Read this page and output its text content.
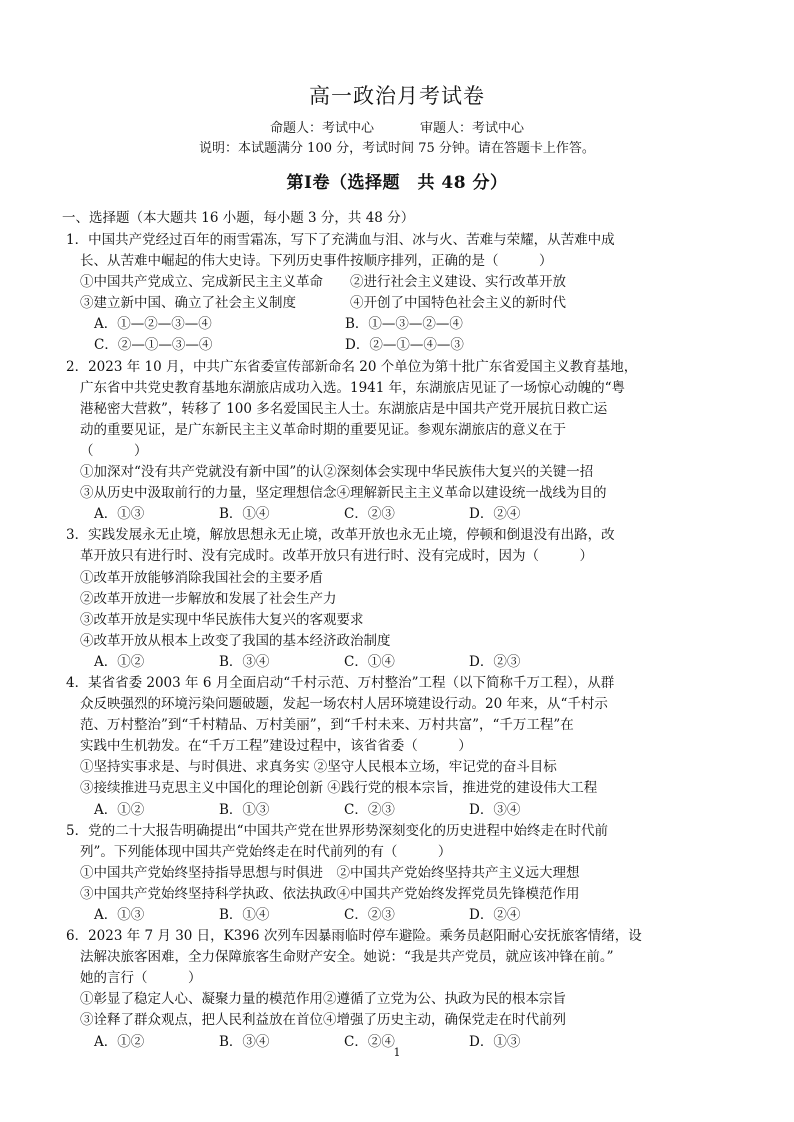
高一政治月考试卷
命题人：考试中心	审题人：考试中心
说明：本试题满分 100 分，考试时间 75 分钟。请在答题卡上作答。
第Ⅰ卷（选择题　共 48 分）
一、选择题（本大题共 16 小题，每小题 3 分，共 48 分）
1．中国共产党经过百年的雨雪霜冻，写下了充满血与泪、冰与火、苦难与荣耀，从苦难中成
长、从苦难中崛起的伟大史诗。下列历史事件按顺序排列，正确的是（　　　）
①中国共产党成立、完成新民主主义革命　　②进行社会主义建设、实行改革开放
③建立新中国、确立了社会主义制度　　　　④开创了中国特色社会主义的新时代
A．①—②—③—④	B．①—③—②—④
C．②—①—③—④	D．②—①—④—③
2．2023 年 10 月，中共广东省委宣传部新命名 20 个单位为第十批广东省爱国主义教育基地，
广东省中共党史教育基地东湖旅店成功入选。1941 年，东湖旅店见证了一场惊心动魄的“粤
港秘密大营救”，转移了 100 多名爱国民主人士。东湖旅店是中国共产党开展抗日救亡运
动的重要见证，是广东新民主主义革命时期的重要见证。参观东湖旅店的意义在于
（　　　）
①加深对“没有共产党就没有新中国”的认②深刻体会实现中华民族伟大复兴的关键一招
③从历史中汲取前行的力量，坚定理想信念④理解新民主主义革命以建设统一战线为目的
A．①③	B．①④	C．②③	D．②④
3．实践发展永无止境，解放思想永无止境，改革开放也永无止境，停顿和倒退没有出路，改
革开放只有进行时、没有完成时。改革开放只有进行时、没有完成时，因为（　　　）
①改革开放能够消除我国社会的主要矛盾
②改革开放进一步解放和发展了社会生产力
③改革开放是实现中华民族伟大复兴的客观要求
④改革开放从根本上改变了我国的基本经济政治制度
A．①②	B．③④	C．①④	D．②③
4．某省省委 2003 年 6 月全面启动“千村示范、万村整治”工程（以下简称千万工程），从群
众反映强烈的环境污染问题破题，发起一场农村人居环境建设行动。20 年来，从“千村示
范、万村整治”到“千村精品、万村美丽”，到“千村未来、万村共富”，“千万工程”在
实践中生机勃发。在“千万工程”建设过程中，该省省委（　　　）
①坚持实事求是、与时俱进、求真务实 ②坚守人民根本立场，牢记党的奋斗目标
③接续推进马克思主义中国化的理论创新 ④践行党的根本宗旨，推进党的建设伟大工程
A．①②	B．①③	C．②③	D．③④
5．党的二十大报告明确提出“中国共产党在世界形势深刻变化的历史进程中始终走在时代前
列”。下列能体现中国共产党始终走在时代前列的有（　　　）
①中国共产党始终坚持指导思想与时俱进　②中国共产党始终坚持共产主义远大理想
③中国共产党始终坚持科学执政、依法执政④中国共产党始终发挥党员先锋模范作用
A．①③	B．①④	C．②③	D．②④
6．2023 年 7 月 30 日，K396 次列车因暴雨临时停车避险。乘务员赵阳耐心安抚旅客情绪，设
法解决旅客困难，全力保障旅客生命财产安全。她说：“我是共产党员，就应该冲锋在前。”
她的言行（　　　）
①彰显了稳定人心、凝聚力量的模范作用②遵循了立党为公、执政为民的根本宗旨
③诠释了群众观点，把人民利益放在首位④增强了历史主动，确保党走在时代前列
A．①②	B．③④	C．②④	D．①③
1
